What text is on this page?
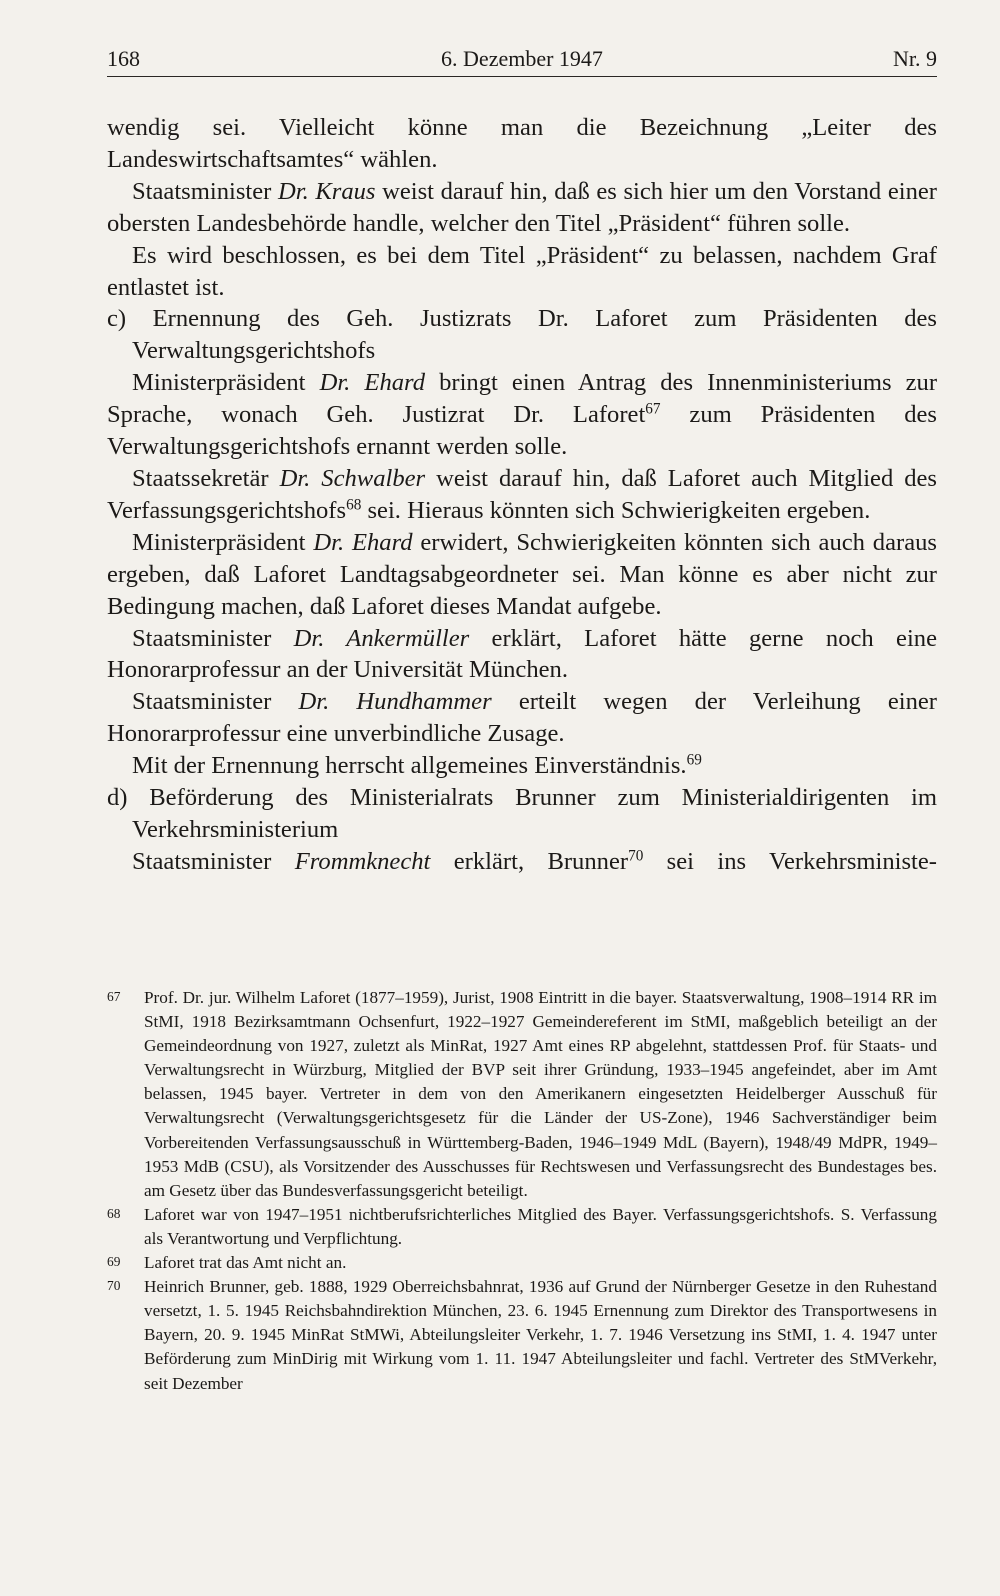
168	6. Dezember 1947	Nr. 9

wendig sei. Vielleicht könne man die Bezeichnung „Leiter des Landeswirtschaftsamtes“ wählen.

Staatsminister Dr. Kraus weist darauf hin, daß es sich hier um den Vorstand einer obersten Landesbehörde handle, welcher den Titel „Präsident“ führen solle.

Es wird beschlossen, es bei dem Titel „Präsident“ zu belassen, nachdem Graf entlastet ist.

c) Ernennung des Geh. Justizrats Dr. Laforet zum Präsidenten des Verwaltungsgerichtshofs

Ministerpräsident Dr. Ehard bringt einen Antrag des Innenministeriums zur Sprache, wonach Geh. Justizrat Dr. Laforet$^{67}$ zum Präsidenten des Verwaltungsgerichtshofs ernannt werden solle.

Staatssekretär Dr. Schwalber weist darauf hin, daß Laforet auch Mitglied des Verfassungsgerichtshofs$^{68}$ sei. Hieraus könnten sich Schwierigkeiten ergeben.

Ministerpräsident Dr. Ehard erwidert, Schwierigkeiten könnten sich auch daraus ergeben, daß Laforet Landtagsabgeordneter sei. Man könne es aber nicht zur Bedingung machen, daß Laforet dieses Mandat aufgebe.

Staatsminister Dr. Ankermüller erklärt, Laforet hätte gerne noch eine Honorarprofessur an der Universität München.

Staatsminister Dr. Hundhammer erteilt wegen der Verleihung einer Honorarprofessur eine unverbindliche Zusage.

Mit der Ernennung herrscht allgemeines Einverständnis.$^{69}$

d) Beförderung des Ministerialrats Brunner zum Ministerialdirigenten im Verkehrsministerium

Staatsminister Frommknecht erklärt, Brunner$^{70}$ sei ins Verkehrsministe-

67 Prof. Dr. jur. Wilhelm Laforet (1877–1959), Jurist, 1908 Eintritt in die bayer. Staatsverwaltung, 1908–1914 RR im StMI, 1918 Bezirksamtmann Ochsenfurt, 1922–1927 Gemeindereferent im StMI, maßgeblich beteiligt an der Gemeindeordnung von 1927, zuletzt als MinRat, 1927 Amt eines RP abgelehnt, stattdessen Prof. für Staats- und Verwaltungsrecht in Würzburg, Mitglied der BVP seit ihrer Gründung, 1933–1945 angefeindet, aber im Amt belassen, 1945 bayer. Vertreter in dem von den Amerikanern eingesetzten Heidelberger Ausschuß für Verwaltungsrecht (Verwaltungsgerichtsgesetz für die Länder der US-Zone), 1946 Sachverständiger beim Vorbereitenden Verfassungsausschuß in Württemberg-Baden, 1946–1949 MdL (Bayern), 1948/49 MdPR, 1949–1953 MdB (CSU), als Vorsitzender des Ausschusses für Rechtswesen und Verfassungsrecht des Bundestages bes. am Gesetz über das Bundesverfassungsgericht beteiligt.
68 Laforet war von 1947–1951 nichtberufsrichterliches Mitglied des Bayer. Verfassungsgerichtshofs. S. Verfassung als Verantwortung und Verpflichtung.
69 Laforet trat das Amt nicht an.
70 Heinrich Brunner, geb. 1888, 1929 Oberreichsbahnrat, 1936 auf Grund der Nürnberger Gesetze in den Ruhestand versetzt, 1. 5. 1945 Reichsbahndirektion München, 23. 6. 1945 Ernennung zum Direktor des Transportwesens in Bayern, 20. 9. 1945 MinRat StMWi, Abteilungsleiter Verkehr, 1. 7. 1946 Versetzung ins StMI, 1. 4. 1947 unter Beförderung zum MinDirig mit Wirkung vom 1. 11. 1947 Abteilungsleiter und fachl. Vertreter des StMVerkehr, seit Dezember
